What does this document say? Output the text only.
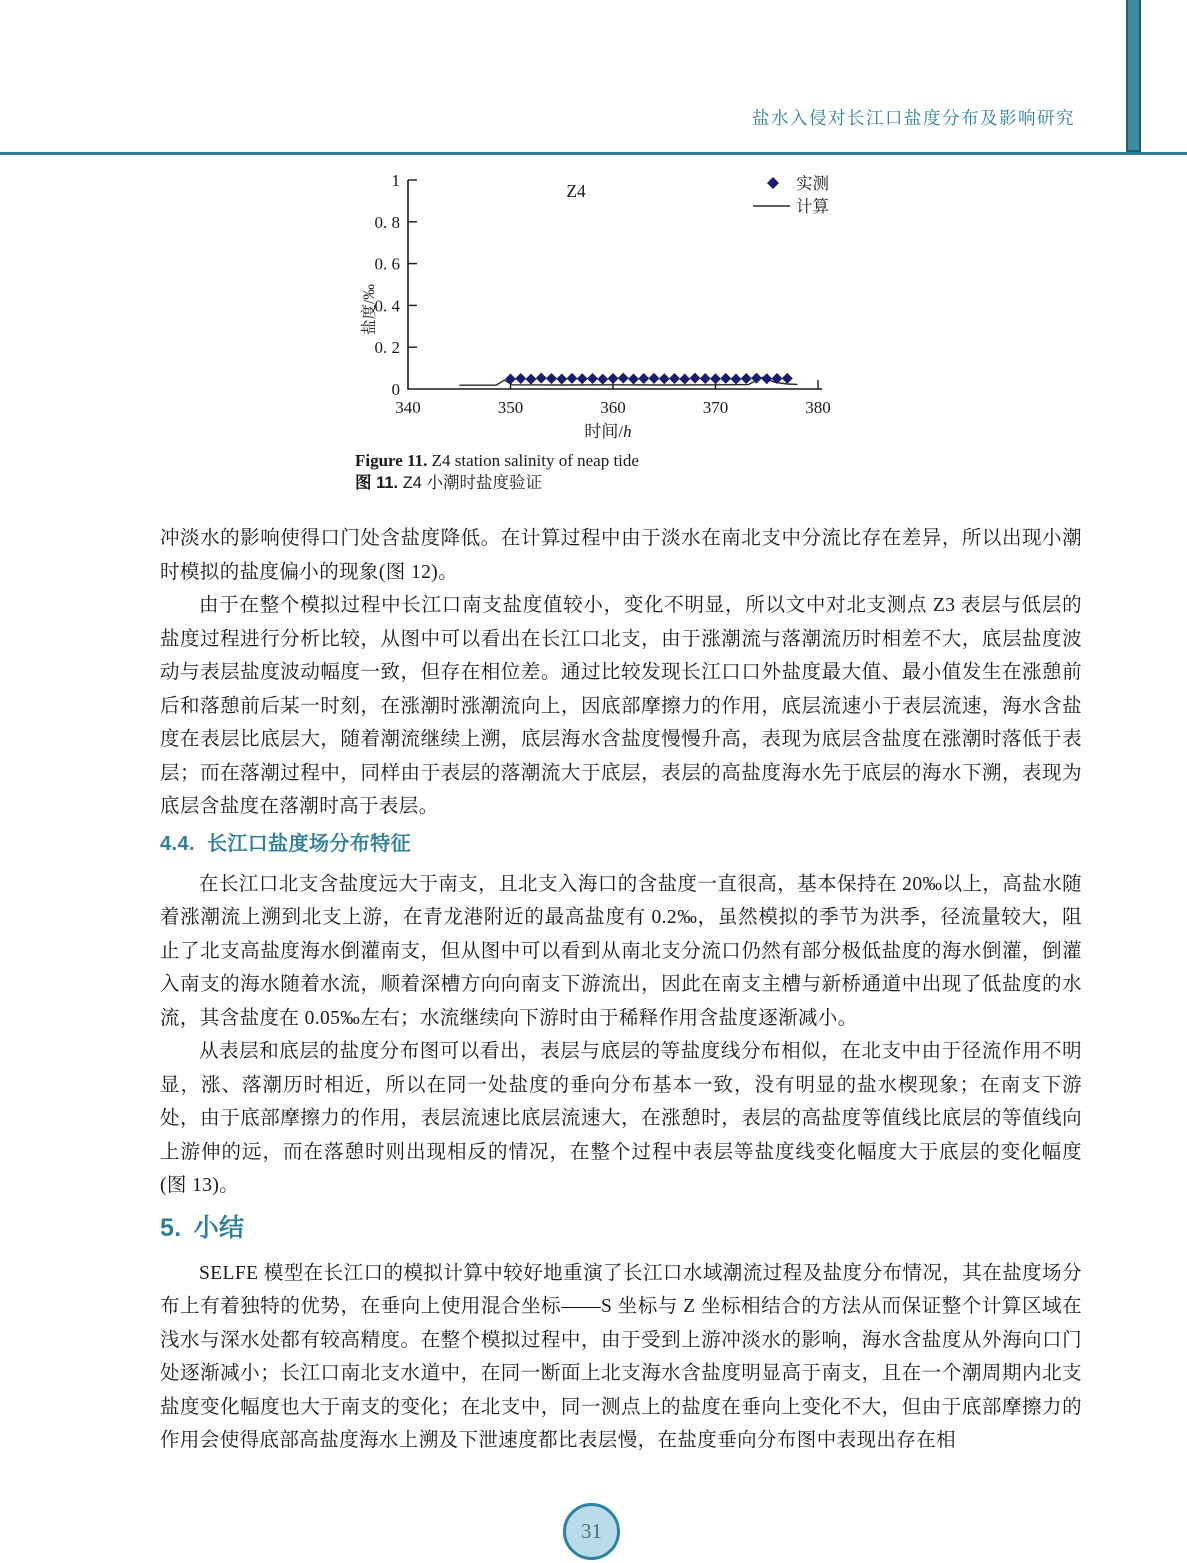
盐水入侵对长江口盐度分布及影响研究
0
0. 2
0. 4
0. 6
0. 8
1
340	350	360	370	380
时间/h
盐度/‰
Z4	实测
计算
Figure 11. Z4 station salinity of neap tide
图 11. Z4 小潮时盐度验证

冲淡水的影响使得口门处含盐度降低。在计算过程中由于淡水在南北支中分流比存在差异，所以出现小潮时模拟的盐度偏小的现象(图 12)。

由于在整个模拟过程中长江口南支盐度值较小，变化不明显，所以文中对北支测点 Z3 表层与低层的盐度过程进行分析比较，从图中可以看出在长江口北支，由于涨潮流与落潮流历时相差不大，底层盐度波动与表层盐度波动幅度一致，但存在相位差。通过比较发现长江口口外盐度最大值、最小值发生在涨憩前后和落憩前后某一时刻，在涨潮时涨潮流向上，因底部摩擦力的作用，底层流速小于表层流速，海水含盐度在表层比底层大，随着潮流继续上溯，底层海水含盐度慢慢升高，表现为底层含盐度在涨潮时落低于表层；而在落潮过程中，同样由于表层的落潮流大于底层，表层的高盐度海水先于底层的海水下溯，表现为底层含盐度在落潮时高于表层。

4.4. 长江口盐度场分布特征

在长江口北支含盐度远大于南支，且北支入海口的含盐度一直很高，基本保持在 20‰以上，高盐水随着涨潮流上溯到北支上游，在青龙港附近的最高盐度有 0.2‰，虽然模拟的季节为洪季，径流量较大，阻止了北支高盐度海水倒灌南支，但从图中可以看到从南北支分流口仍然有部分极低盐度的海水倒灌，倒灌入南支的海水随着水流，顺着深槽方向向南支下游流出，因此在南支主槽与新桥通道中出现了低盐度的水流，其含盐度在 0.05‰左右；水流继续向下游时由于稀释作用含盐度逐渐减小。

从表层和底层的盐度分布图可以看出，表层与底层的等盐度线分布相似，在北支中由于径流作用不明显，涨、落潮历时相近，所以在同一处盐度的垂向分布基本一致，没有明显的盐水楔现象；在南支下游处，由于底部摩擦力的作用，表层流速比底层流速大，在涨憩时，表层的高盐度等值线比底层的等值线向上游伸的远，而在落憩时则出现相反的情况，在整个过程中表层等盐度线变化幅度大于底层的变化幅度(图 13)。

5. 小结

SELFE 模型在长江口的模拟计算中较好地重演了长江口水域潮流过程及盐度分布情况，其在盐度场分布上有着独特的优势，在垂向上使用混合坐标——S 坐标与 Z 坐标相结合的方法从而保证整个计算区域在浅水与深水处都有较高精度。在整个模拟过程中，由于受到上游冲淡水的影响，海水含盐度从外海向口门处逐渐减小；长江口南北支水道中，在同一断面上北支海水含盐度明显高于南支，且在一个潮周期内北支盐度变化幅度也大于南支的变化；在北支中，同一测点上的盐度在垂向上变化不大，但由于底部摩擦力的作用会使得底部高盐度海水上溯及下泄速度都比表层慢，在盐度垂向分布图中表现出存在相

31
